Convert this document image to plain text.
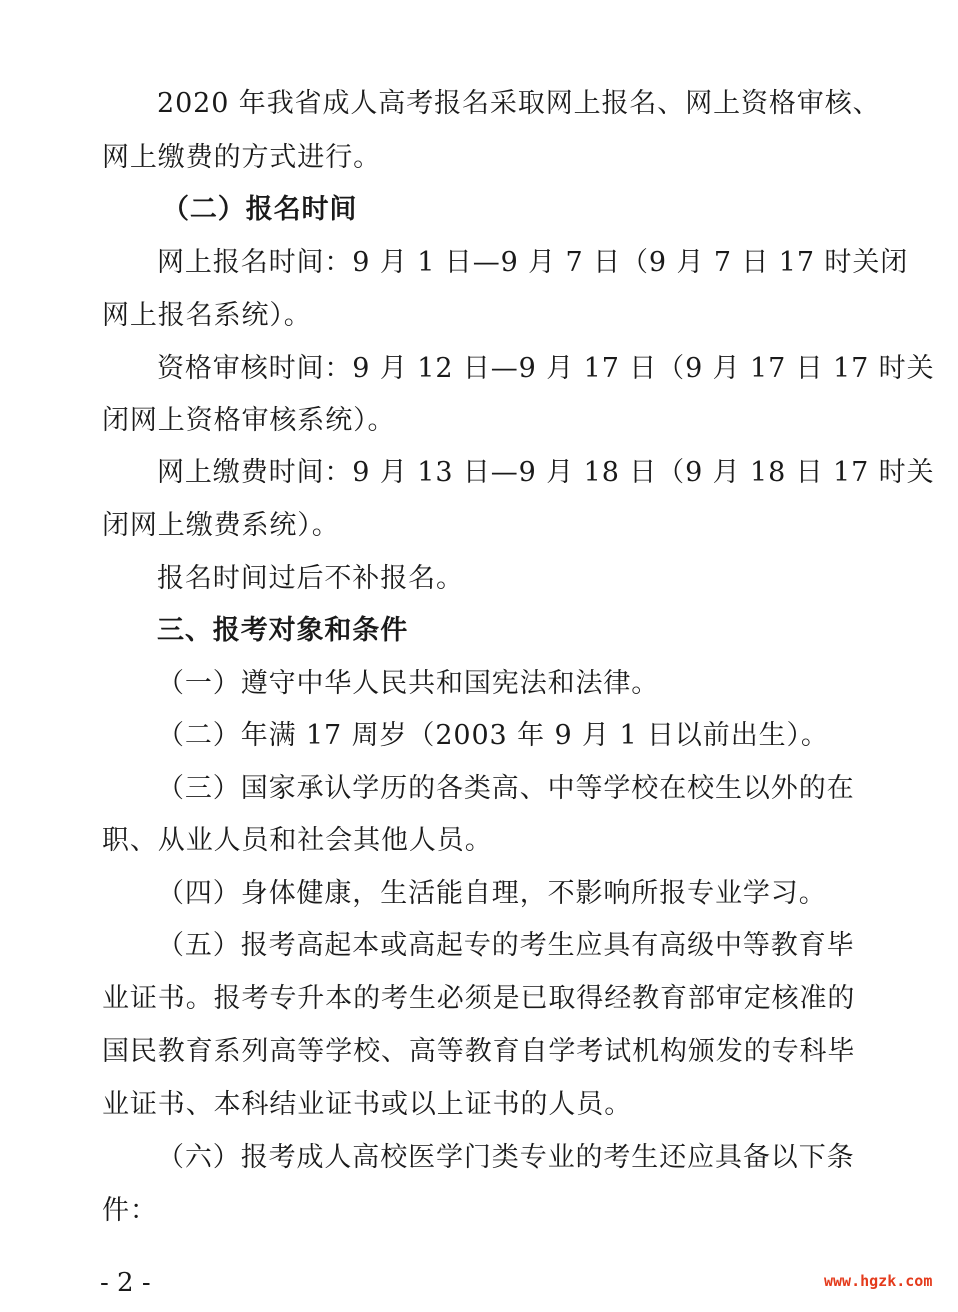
2020 年我省成人高考报名采取网上报名、网上资格审核、
网上缴费的方式进行。
（二）报名时间
网上报名时间：9 月 1 日—9 月 7 日（9 月 7 日 17 时关闭
网上报名系统）。
资格审核时间：9 月 12 日—9 月 17 日（9 月 17 日 17 时关
闭网上资格审核系统）。
网上缴费时间：9 月 13 日—9 月 18 日（9 月 18 日 17 时关
闭网上缴费系统）。
报名时间过后不补报名。
三、报考对象和条件
（一）遵守中华人民共和国宪法和法律。
（二）年满 17 周岁（2003 年 9 月 1 日以前出生）。
（三）国家承认学历的各类高、中等学校在校生以外的在
职、从业人员和社会其他人员。
（四）身体健康，生活能自理，不影响所报专业学习。
（五）报考高起本或高起专的考生应具有高级中等教育毕
业证书。报考专升本的考生必须是已取得经教育部审定核准的
国民教育系列高等学校、高等教育自学考试机构颁发的专科毕
业证书、本科结业证书或以上证书的人员。
（六）报考成人高校医学门类专业的考生还应具备以下条
件：
- 2 -	www.hgzk.com
